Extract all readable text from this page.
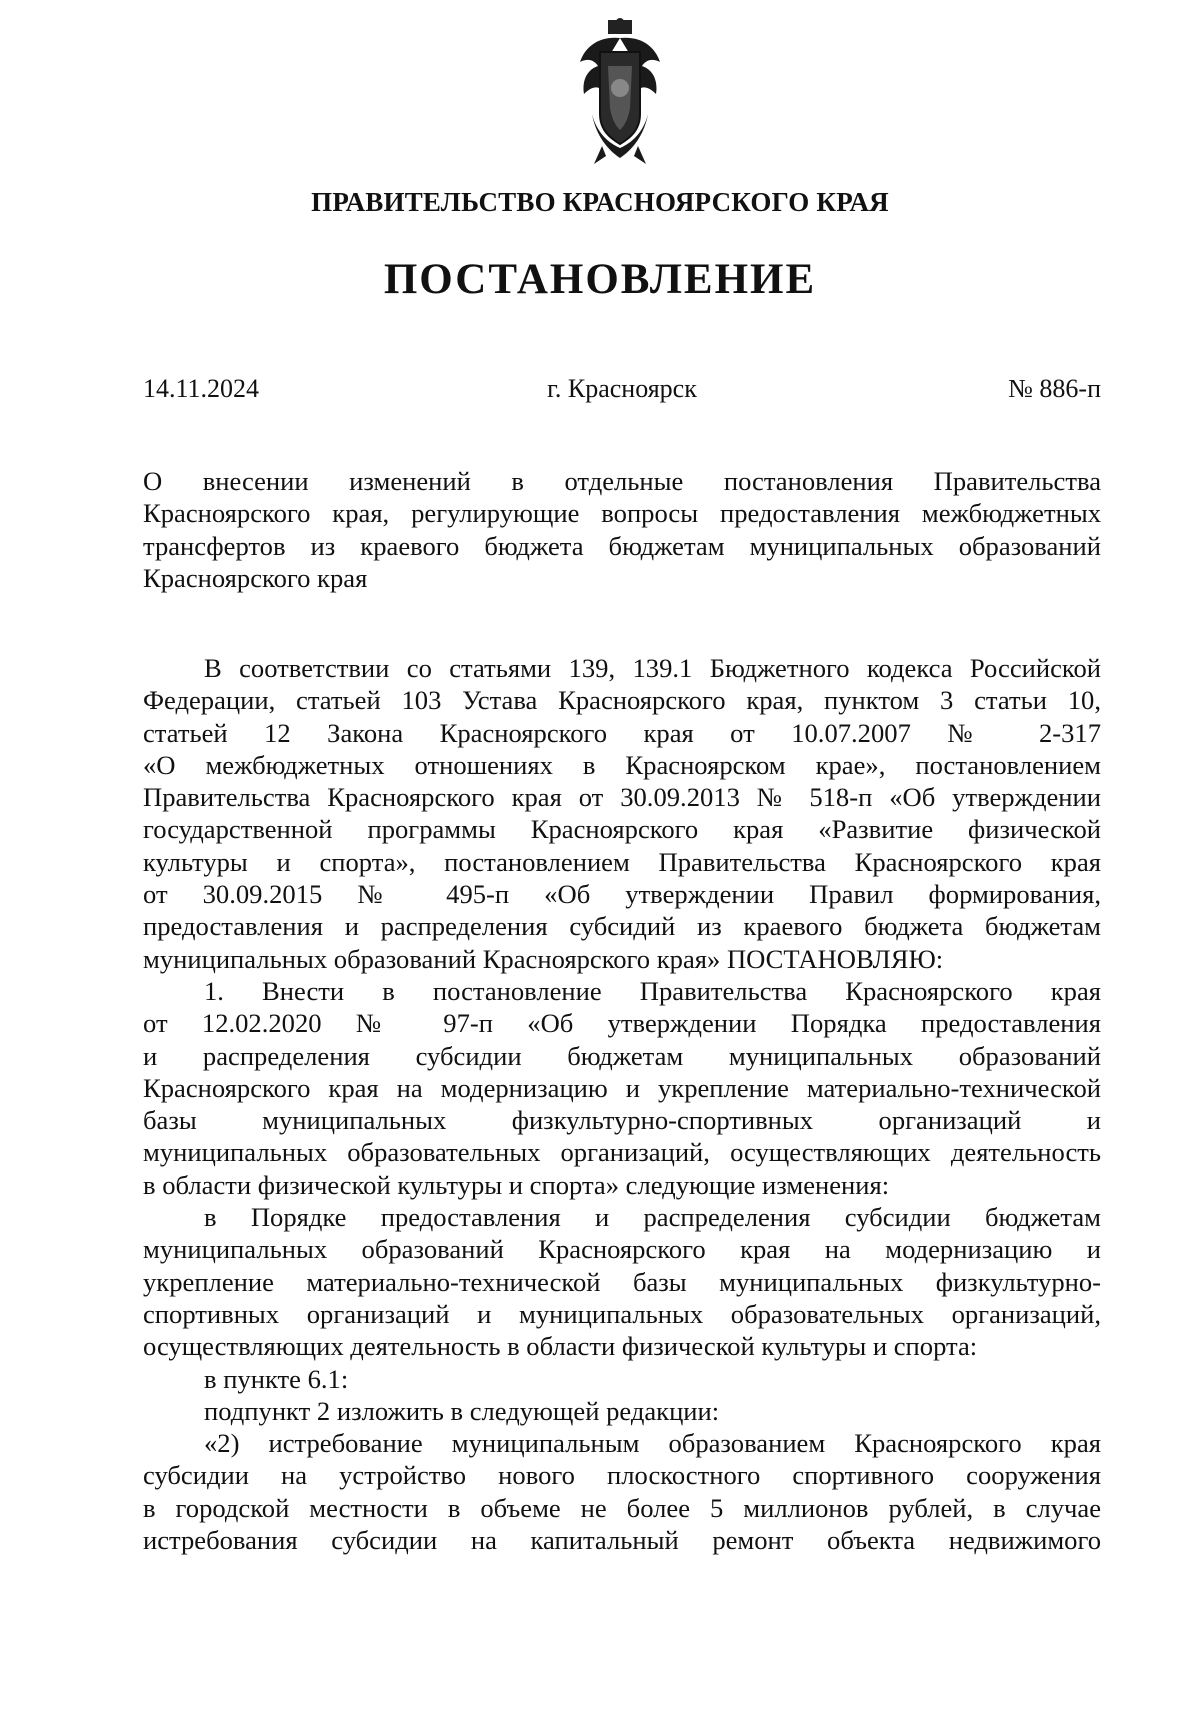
ПРАВИТЕЛЬСТВО КРАСНОЯРСКОГО КРАЯ
ПОСТАНОВЛЕНИЕ
14.11.2024	г. Красноярск	№ 886-п
О внесении изменений в отдельные постановления Правительства
Красноярского края, регулирующие вопросы предоставления межбюджетных
трансфертов из краевого бюджета бюджетам муниципальных образований
Красноярского края
В соответствии со статьями 139, 139.1 Бюджетного кодекса Российской
Федерации, статьей 103 Устава Красноярского края, пунктом 3 статьи 10,
статьей 12 Закона Красноярского края от 10.07.2007 № 2-317
«О межбюджетных отношениях в Красноярском крае», постановлением
Правительства Красноярского края от 30.09.2013 № 518-п «Об утверждении
государственной программы Красноярского края «Развитие физической
культуры и спорта», постановлением Правительства Красноярского края
от 30.09.2015 № 495-п «Об утверждении Правил формирования,
предоставления и распределения субсидий из краевого бюджета бюджетам
муниципальных образований Красноярского края» ПОСТАНОВЛЯЮ:
1. Внести в постановление Правительства Красноярского края
от 12.02.2020 № 97-п «Об утверждении Порядка предоставления
и распределения субсидии бюджетам муниципальных образований
Красноярского края на модернизацию и укрепление материально-технической
базы муниципальных физкультурно-спортивных организаций и
муниципальных образовательных организаций, осуществляющих деятельность
в области физической культуры и спорта» следующие изменения:
в Порядке предоставления и распределения субсидии бюджетам
муниципальных образований Красноярского края на модернизацию и
укрепление материально-технической базы муниципальных физкультурно-
спортивных организаций и муниципальных образовательных организаций,
осуществляющих деятельность в области физической культуры и спорта:
в пункте 6.1:
подпункт 2 изложить в следующей редакции:
«2) истребование муниципальным образованием Красноярского края
субсидии на устройство нового плоскостного спортивного сооружения
в городской местности в объеме не более 5 миллионов рублей, в случае
истребования субсидии на капитальный ремонт объекта недвижимого
